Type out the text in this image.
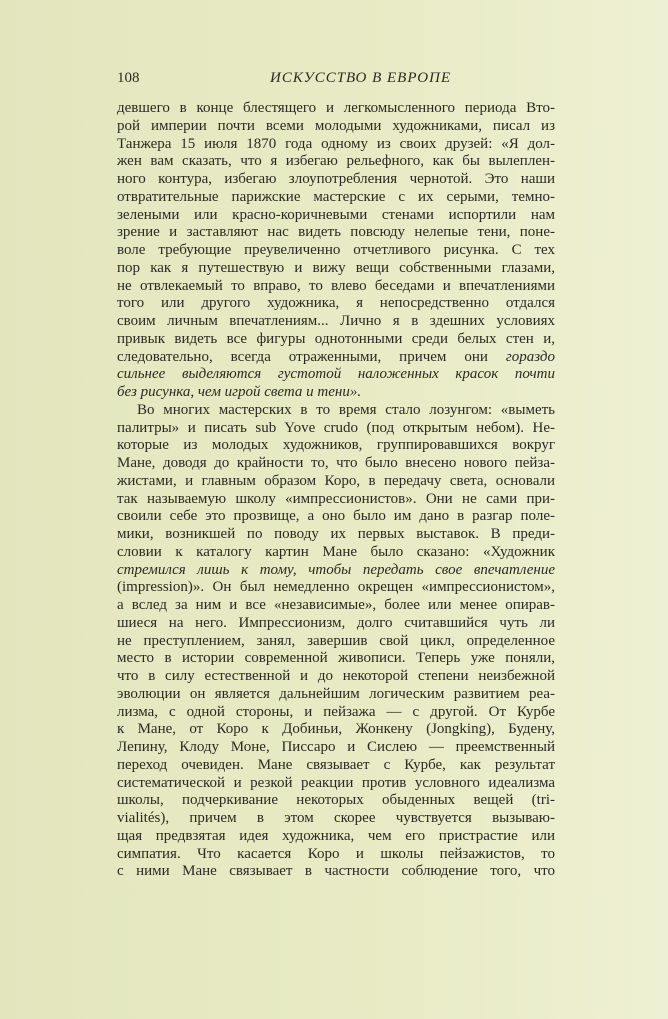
108	ИСКУССТВО В ЕВРОПЕ
девшего в конце блестящего и легкомысленного периода Вто-
рой империи почти всеми молодыми художниками, писал из
Танжера 15 июля 1870 года одному из своих друзей: «Я дол-
жен вам сказать, что я избегаю рельефного, как бы вылеплен-
ного контура, избегаю злоупотребления чернотой. Это наши
отвратительные парижские мастерские с их серыми, темно-
зелеными или красно-коричневыми стенами испортили нам
зрение и заставляют нас видеть повсюду нелепые тени, поне-
воле требующие преувеличенно отчетливого рисунка. С тех
пор как я путешествую и вижу вещи собственными глазами,
не отвлекаемый то вправо, то влево беседами и впечатлениями
того или другого художника, я непосредственно отдался
своим личным впечатлениям... Лично я в здешних условиях
привык видеть все фигуры однотонными среди белых стен и,
следовательно, всегда отраженными, причем они гораздо
сильнее выделяются густотой наложенных красок почти
без рисунка, чем игрой света и тени».
Во многих мастерских в то время стало лозунгом: «выметь
палитры» и писать sub Yove crudo (под открытым небом). Не-
которые из молодых художников, группировавшихся вокруг
Мане, доводя до крайности то, что было внесено нового пейза-
жистами, и главным образом Коро, в передачу света, основали
так называемую школу «импрессионистов». Они не сами при-
своили себе это прозвище, а оно было им дано в разгар поле-
мики, возникшей по поводу их первых выставок. В преди-
словии к каталогу картин Мане было сказано: «Художник
стремился лишь к тому, чтобы передать свое впечатление
(impression)». Он был немедленно окрещен «импрессионистом»,
а вслед за ним и все «независимые», более или менее опирав-
шиеся на него. Импрессионизм, долго считавшийся чуть ли
не преступлением, занял, завершив свой цикл, определенное
место в истории современной живописи. Теперь уже поняли,
что в силу естественной и до некоторой степени неизбежной
эволюции он является дальнейшим логическим развитием реа-
лизма, с одной стороны, и пейзажа — с другой. От Курбе
к Мане, от Коро к Добиньи, Жонкену (Jongking), Будену,
Лепину, Клоду Моне, Писсаро и Сислею — преемственный
переход очевиден. Мане связывает с Курбе, как результат
систематической и резкой реакции против условного идеализма
школы, подчеркивание некоторых обыденных вещей (tri-
vialités), причем в этом скорее чувствуется вызываю-
щая предвзятая идея художника, чем его пристрастие или
симпатия. Что касается Коро и школы пейзажистов, то
с ними Мане связывает в частности соблюдение того, что
